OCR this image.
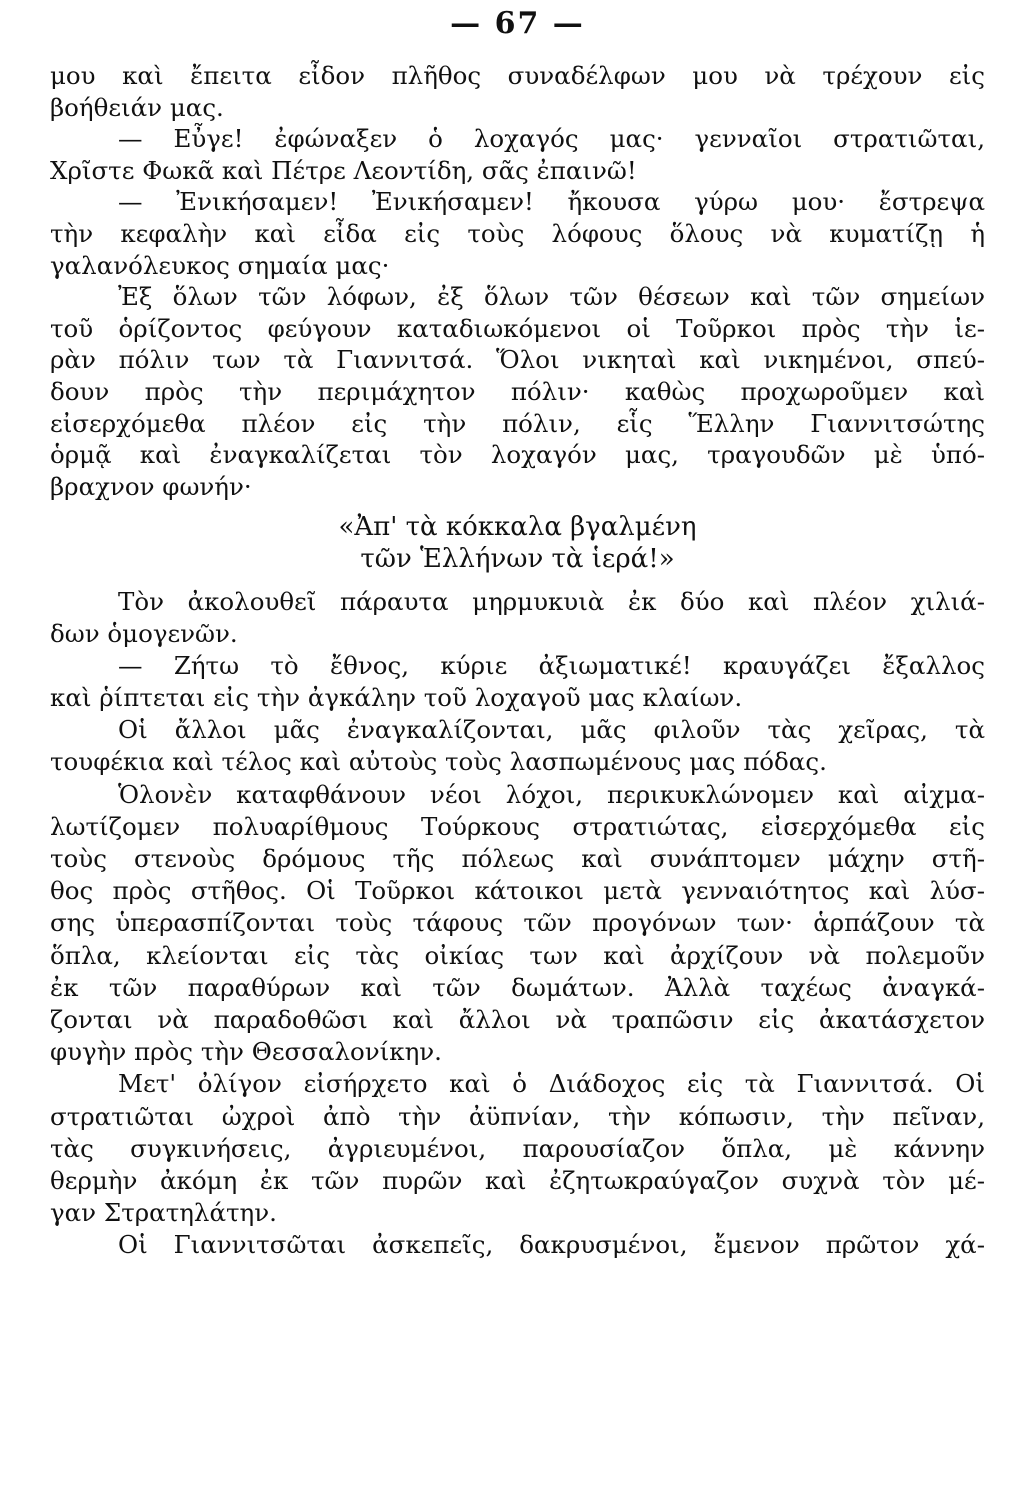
— 67 —
μου καὶ ἔπειτα εἶδον πλῆθος συναδέλφων μου νὰ τρέχουν εἰς
βοήθειάν μας.
— Εὖγε! ἐφώναξεν ὁ λοχαγός μας· γενναῖοι στρατιῶται,
Χρῖστε Φωκᾶ καὶ Πέτρε Λεοντίδη, σᾶς ἐπαινῶ!
— Ἐνικήσαμεν! Ἐνικήσαμεν! ἤκουσα γύρω μου· ἔστρεψα
τὴν κεφαλὴν καὶ εἶδα εἰς τοὺς λόφους ὅλους νὰ κυματίζῃ ἡ
γαλανόλευκος σημαία μας·
Ἐξ ὅλων τῶν λόφων, ἐξ ὅλων τῶν θέσεων καὶ τῶν σημείων
τοῦ ὁρίζοντος φεύγουν καταδιωκόμενοι οἱ Τοῦρκοι πρὸς τὴν ἱε-
ρὰν πόλιν των τὰ Γιαννιτσά. Ὅλοι νικηταὶ καὶ νικημένοι, σπεύ-
δουν πρὸς τὴν περιμάχητον πόλιν· καθὼς προχωροῦμεν καὶ
εἰσερχόμεθα πλέον εἰς τὴν πόλιν, εἷς Ἕλλην Γιαννιτσώτης
ὁρμᾷ καὶ ἐναγκαλίζεται τὸν λοχαγόν μας, τραγουδῶν μὲ ὑπό-
βραχνον φωνήν·
«Ἀπ' τὰ κόκκαλα βγαλμένη
τῶν Ἑλλήνων τὰ ἱερά!»
Τὸν ἀκολουθεῖ πάραυτα μηρμυκυιὰ ἐκ δύο καὶ πλέον χιλιά-
δων ὁμογενῶν.
— Ζήτω τὸ ἔθνος, κύριε ἀξιωματικέ! κραυγάζει ἔξαλλος
καὶ ῥίπτεται εἰς τὴν ἀγκάλην τοῦ λοχαγοῦ μας κλαίων.
Οἱ ἄλλοι μᾶς ἐναγκαλίζονται, μᾶς φιλοῦν τὰς χεῖρας, τὰ
τουφέκια καὶ τέλος καὶ αὐτοὺς τοὺς λασπωμένους μας πόδας.
Ὁλονὲν καταφθάνουν νέοι λόχοι, περικυκλώνομεν καὶ αἰχμα-
λωτίζομεν πολυαρίθμους Τούρκους στρατιώτας, εἰσερχόμεθα εἰς
τοὺς στενοὺς δρόμους τῆς πόλεως καὶ συνάπτομεν μάχην στῆ-
θος πρὸς στῆθος. Οἱ Τοῦρκοι κάτοικοι μετὰ γενναιότητος καὶ λύσ-
σης ὑπερασπίζονται τοὺς τάφους τῶν προγόνων των· ἁρπάζουν τὰ
ὅπλα, κλείονται εἰς τὰς οἰκίας των καὶ ἀρχίζουν νὰ πολεμοῦν
ἐκ τῶν παραθύρων καὶ τῶν δωμάτων. Ἀλλὰ ταχέως ἀναγκά-
ζονται νὰ παραδοθῶσι καὶ ἄλλοι νὰ τραπῶσιν εἰς ἀκατάσχετον
φυγὴν πρὸς τὴν Θεσσαλονίκην.
Μετ' ὀλίγον εἰσήρχετο καὶ ὁ Διάδοχος εἰς τὰ Γιαννιτσά. Οἱ
στρατιῶται ὠχροὶ ἀπὸ τὴν ἀϋπνίαν, τὴν κόπωσιν, τὴν πεῖναν,
τὰς συγκινήσεις, ἀγριευμένοι, παρουσίαζον ὅπλα, μὲ κάννην
θερμὴν ἀκόμη ἐκ τῶν πυρῶν καὶ ἐζητωκραύγαζον συχνὰ τὸν μέ-
γαν Στρατηλάτην.
Οἱ Γιαννιτσῶται ἀσκεπεῖς, δακρυσμένοι, ἔμενον πρῶτον χά-
